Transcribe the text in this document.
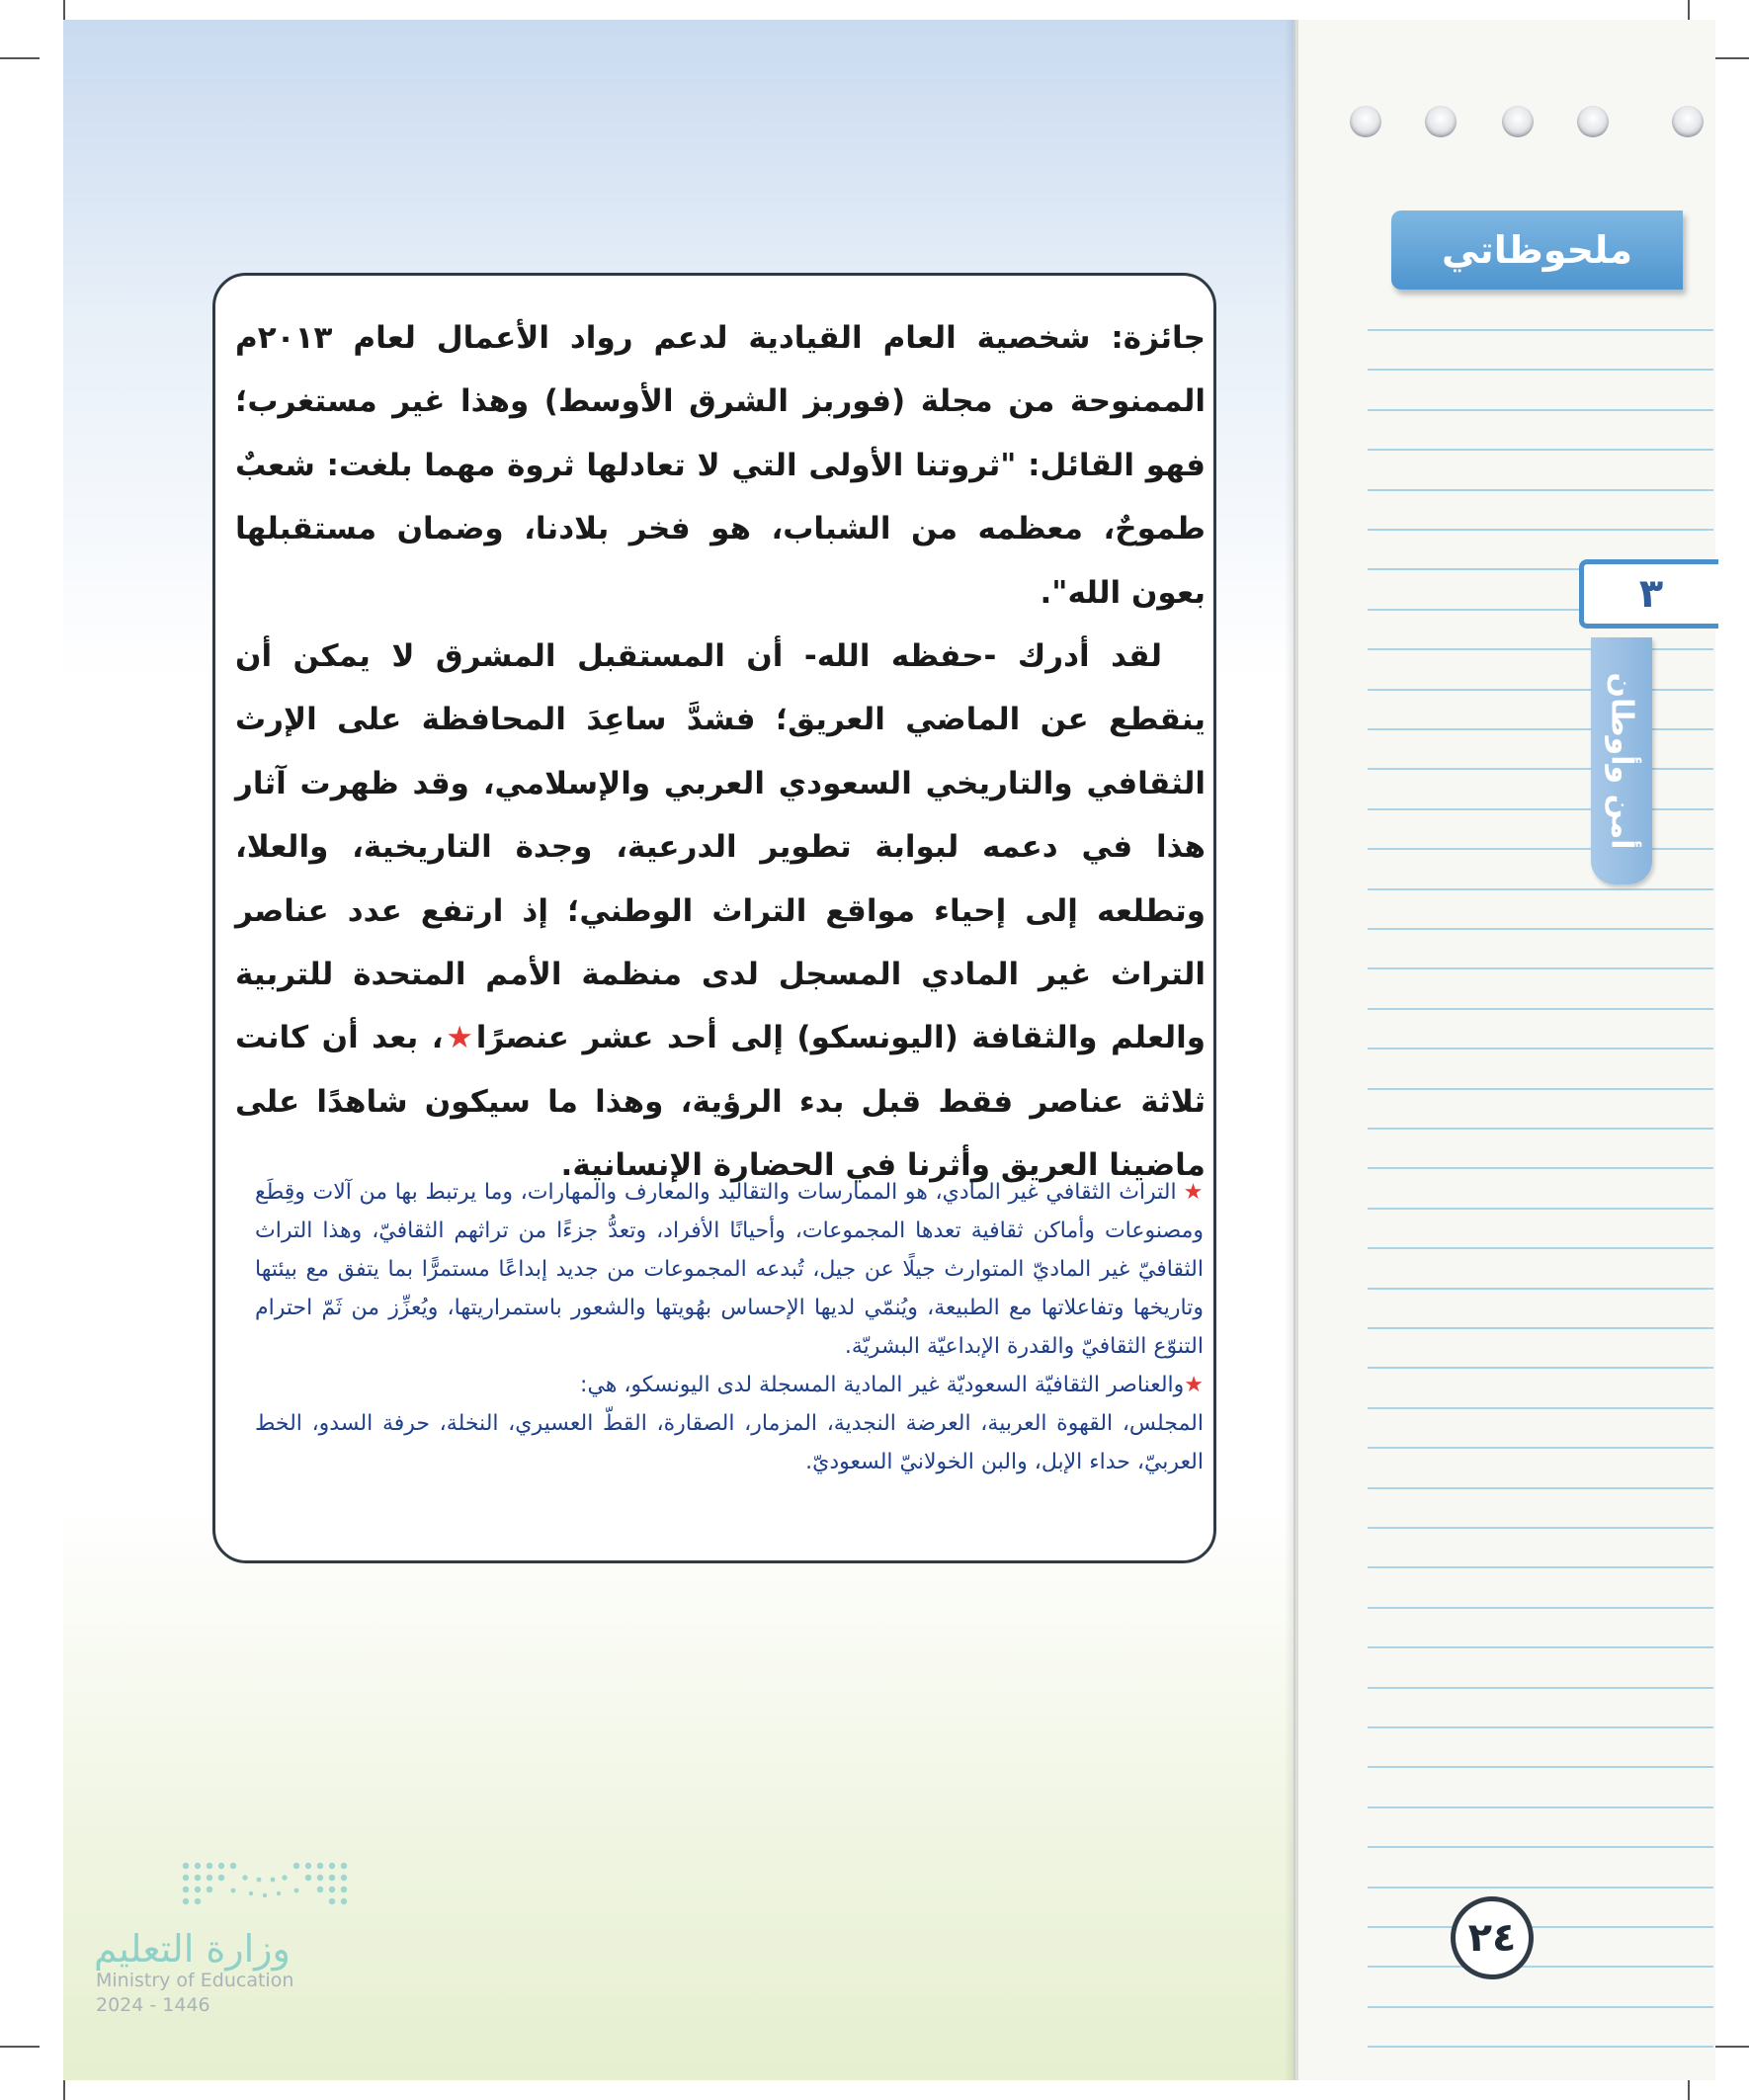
ملحوظاتي
٣
أمن وأوطان
٢٤

جائزة: شخصية العام القيادية لدعم رواد الأعمال لعام ٢٠١٣م الممنوحة من مجلة (فوربز الشرق الأوسط) وهذا غير مستغرب؛ فهو القائل: "ثروتنا الأولى التي لا تعادلها ثروة مهما بلغت: شعبٌ طموحٌ، معظمه من الشباب، هو فخر بلادنا، وضمان مستقبلها بعون الله".

لقد أدرك -حفظه الله- أن المستقبل المشرق لا يمكن أن ينقطع عن الماضي العريق؛ فشدَّ ساعِدَ المحافظة على الإرث الثقافي والتاريخي السعودي العربي والإسلامي، وقد ظهرت آثار هذا في دعمه لبوابة تطوير الدرعية، وجدة التاريخية، والعلا، وتطلعه إلى إحياء مواقع التراث الوطني؛ إذ ارتفع عدد عناصر التراث غير المادي المسجل لدى منظمة الأمم المتحدة للتربية والعلم والثقافة (اليونسكو) إلى أحد عشر عنصرًا★، بعد أن كانت ثلاثة عناصر فقط قبل بدء الرؤية، وهذا ما سيكون شاهدًا على ماضينا العريق وأثرنا في الحضارة الإنسانية.

★ التراث الثقافي غير المادي، هو الممارسات والتقاليد والمعارف والمهارات، وما يرتبط بها من آلات وقِطَع ومصنوعات وأماكن ثقافية تعدها المجموعات، وأحيانًا الأفراد، وتعدُّ جزءًا من تراثهم الثقافيّ، وهذا التراث الثقافيّ غير الماديّ المتوارث جيلًا عن جيل، تُبدعه المجموعات من جديد إبداعًا مستمرًّا بما يتفق مع بيئتها وتاريخها وتفاعلاتها مع الطبيعة، ويُنمّي لديها الإحساس بهُويتها والشعور باستمراريتها، ويُعزِّز من ثَمّ احترام التنوّع الثقافيّ والقدرة الإبداعيّة البشريّة.

★والعناصر الثقافيّة السعوديّة غير المادية المسجلة لدى اليونسكو، هي:

المجلس، القهوة العربية، العرضة النجدية، المزمار، الصقارة، القطّ العسيري، النخلة، حرفة السدو، الخط العربيّ، حداء الإبل، والبن الخولانيّ السعوديّ.

وزارة التعليم
Ministry of Education
2024 - 1446
